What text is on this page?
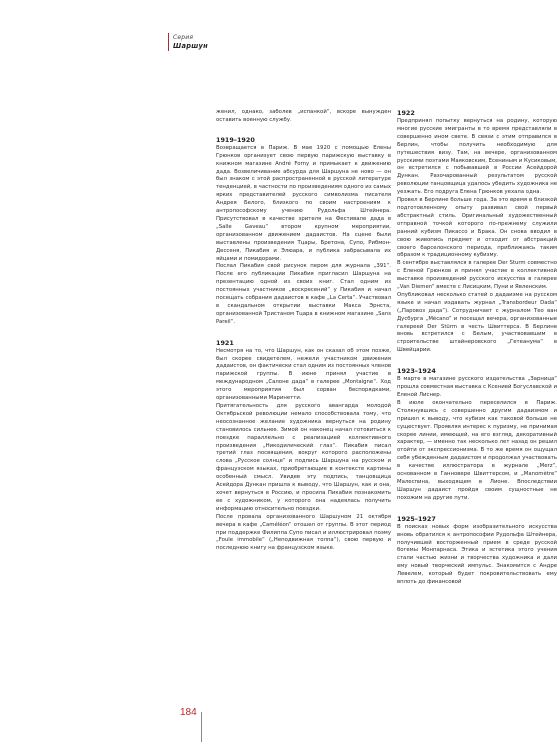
Серия
Шаршун

женил, однако, заболев „испанкой“, вскоре вынужден оставить военную службу.

1919–1920

Возвращается в Париж. В мае 1920 с помощью Елены Грюнков организует свою первую парижскую выставку в книжном магазине André Forny и примыкает к движению дада. Возвеличивание абсурда для Шаршуна не ново — он был знаком с этой распространенной в русской литературе тенденцией, в частности по произведениям одного из самых ярких представителей русского символизма писателя Андрея Белого, близкого по своим настроениям к антропософскому учению Рудольфа Штейнера. Присутствовал в качестве зрителя на Фестивале дада в „Salle Gaveau“ втором крупном мероприятии, организованном движением дадаистов. На сцене были выставлены произведения Тцары, Бретона, Супо, Рибмон-Дессеня, Пикабия и Элюара, и публика забрасывала их яйцами и помидорами.

Послал Пикабия свой рисунок пером для журнала „391“. После его публикации Пикабия пригласил Шаршуна на презентацию одной из своих книг. Стал одним из постоянных участников „воскресений“ у Пикабия и начал посещать собрания дадаистов в кафе „La Certa“. Участвовал в скандальном открытии выставки Макса Эрнста, организованной Тристаном Тцара в книжном магазине „Sans Pareil“.

1921

Несмотря на то, что Шаршун, как он сказал об этом позже, был скорее свидетелем, нежели участником движения дадаистов, он фактически стал одним из постоянных членов парижской группы. В июне принял участие в международном „Салоне дада“ в галерее „Montaigne“. Ход этого мероприятия был сорван беспорядками, организованными Маринетти.

Притягательность для русского авангарда молодой Октябрьской революции немало способствовала тому, что неосознанное желание художника вернуться на родину становилось сильнее. Зимой он наконец начал готовиться к поездке параллельно с реализацией коллективного произведения „Никодилический глаз“. Пикабия писал третий глаз посвящения, вокруг которого расположены слова „Русское солнце“ и подпись Шаршуна на русском и французском языках, приобретающие в контексте картины особенный смысл. Увидев эту подпись, танцовщица Асейдора Дункан пришла к выводу, что Шаршун, как и она, хочет вернуться в Россию, и просила Пикабия познакомить ее с художником, у которого она надеялась получить информацию относительно поездки.

После провала организованного Шаршуном 21 октября вечера в кафе „Caméléon“ отошел от группы. В этот период при поддержке Филиппа Супо писал и иллюстрировал поэму „Foule immobile“ („Неподвижная толпа“), свою первую и последнюю книгу на французском языке.

1922

Предпринял попытку вернуться на родину, которую многие русские эмигранты в то время представляли в совершенно ином свете. В связи с этим отправился в Берлин, чтобы получить необходимую для путешествия визу. Там, на вечере, организованном русскими поэтами Маяковским, Есениным и Кусиковым, он встретился с побывавшей в России Асейдорой Дункан. Разочарованный результатом русской революции танцовщица удалось убедить художника не уезжать. Его подруга Елена Грюнков уехала одна.

Провел в Берлине больше года. За это время в близкой подготовленному опыту развивал свой первый абстрактный стиль. Оригинальный художественный отправной точкой которого по-прежнему служили ранний кубизм Пикассо и Брака. Он снова вводил в свою живопись предмет и отходит от абстракций своего барселонского периода, приближаясь таким образом к традиционному кубизму.

В сентябре выставлялся в галерее Der Sturm совместно с Еленой Грюнков и принял участие в коллективной выставке произведений русского искусства в галерее „Van Diemen“ вместе с Лисицким, Пуни и Явленским.

Опубликовал несколько статей о дадаизме на русском языке и начал издавать журнал „Transbordeur Dada“ („Паровоз дада“). Сотрудничает с журналом Тео ван Дусбурга „Mécano“ и посещал вечера, организованные галереей Der Stürm в честь Швиттерса. В Берлине вновь встретился с Белым, участвовавшим в строительстве штайнеровского „Гетеанума“ в Швейцарии.

1923–1924

В марте в магазине русского издательства „Зарница“ прошла совместная выставка с Ксенией Богуславской и Еленой Лиснер.

В июле окончательно переселился в Париж. Столкнувшись с совершенно другим дадаизмом и пришел к выводу, что кубизм как таковой больше не существует. Проявляя интерес к пуризму, не принимая скорее линии, имеющей, на его взгляд, декоративный характер, — именно так несколько лет назад он решил отойти от экспрессионизма. В то же время он ощущал себя убежденным дадаистом и продолжал участвовать в качестве иллюстратора в журнале „Merz“, основанном в Ганновере Швиттерсом, и „Manomètre“ Малеспина, выходящем в Лионе. Впоследствии Шаршун дадаист пройдя своим сущностные не похожим на другие пути.

1925–1927

В поисках новых форм изобразительного искусства вновь обратился к антропософии Рудольфа Штейнера, получившей восторженный прием в среде русской богемы Монпарнаса. Этика и эстетика этого учения стали частью жизни и творчества художника и дали ему новый творческий импульс. Знакомится с Андре Левелем, который будет покровительствовать ему вплоть до финансовой

184
